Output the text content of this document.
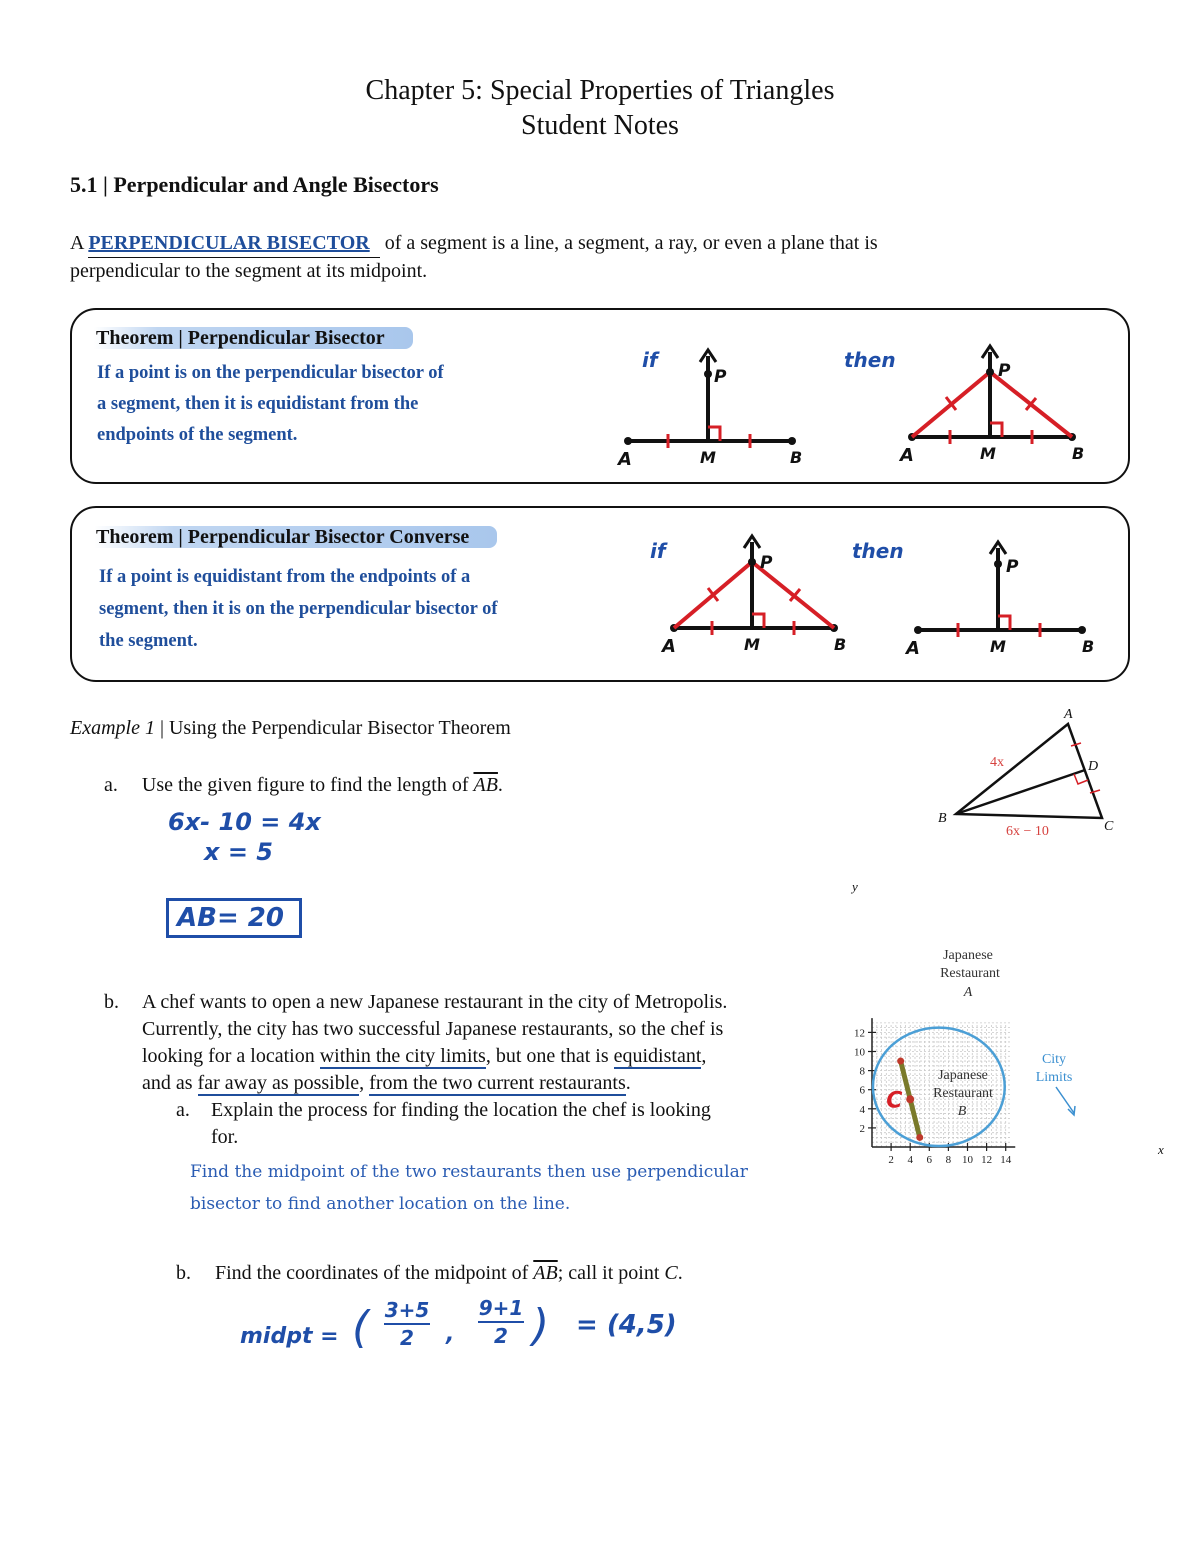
Chapter 5: Special Properties of Triangles
Student Notes
5.1 | Perpendicular and Angle Bisectors
A PERPENDICULAR BISECTOR of a segment is a line, a segment, a ray, or even a plane that is
perpendicular to the segment at its midpoint.
Theorem | Perpendicular Bisector
If a point is on the perpendicular bisector of
a segment, then it is equidistant from the
endpoints of the segment.
if
P
A	M	B
then	P
A	M	B
Theorem | Perpendicular Bisector Converse
If a point is equidistant from the endpoints of a
segment, then it is on the perpendicular bisector of
the segment.
if	P
A	M	B
then
P
A	M	B
Example 1 | Using the Perpendicular Bisector Theorem
a. Use the given figure to find the length of $\overline{AB}$.
6x- 10 = 4x
x = 5
AB= 20
A
B
C
D
4x
6x − 10
2 4 6 8 10 12 14
2
4
6
8
10
12
C
y
x
Japanese
Restaurant
A
Japanese
Restaurant
B
City
Limits
b. A chef wants to open a new Japanese restaurant in the city of Metropolis.
Currently, the city has two successful Japanese restaurants, so the chef is
looking for a location within the city limits, but one that is equidistant,
and as far away as possible, from the two current restaurants.
a. Explain the process for finding the location the chef is looking
for.
Find the midpoint of the two restaurants then use perpendicular
bisector to find another location on the line.
b. Find the coordinates of the midpoint of $\overline{AB}$; call it point C.
midpt = ( 3+5
2	,
9+1
2 ) = (4,5)
